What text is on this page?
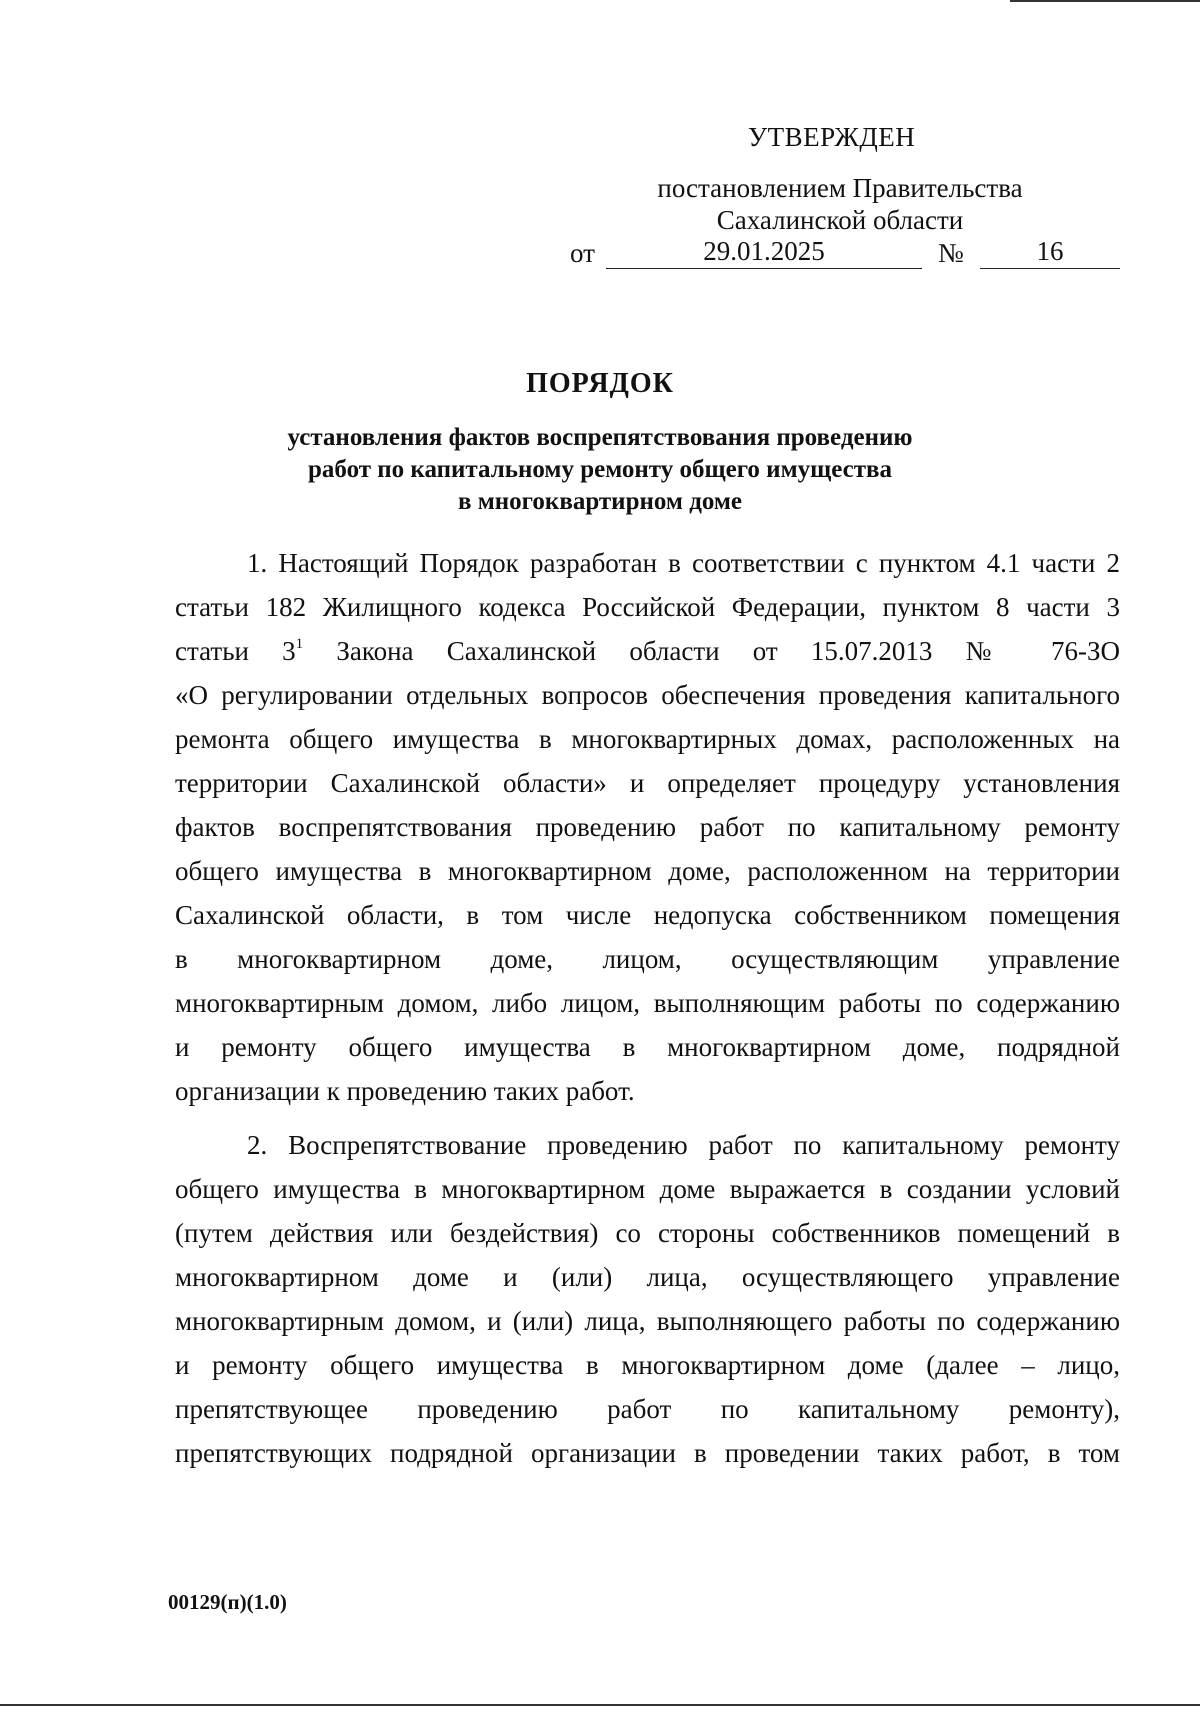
УТВЕРЖДЕН
постановлением Правительства
Сахалинской области
от	29.01.2025	№	16
ПОРЯДОК
установления фактов воспрепятствования проведению
работ по капитальному ремонту общего имущества
в многоквартирном доме
1. Настоящий Порядок разработан в соответствии с пунктом 4.1 части 2
статьи 182 Жилищного кодекса Российской Федерации, пунктом 8 части 3
статьи $3^1$ Закона Сахалинской области от 15.07.2013 № 76-ЗО
«О регулировании отдельных вопросов обеспечения проведения капитального
ремонта общего имущества в многоквартирных домах, расположенных на
территории Сахалинской области» и определяет процедуру установления
фактов воспрепятствования проведению работ по капитальному ремонту
общего имущества в многоквартирном доме, расположенном на территории
Сахалинской области, в том числе недопуска собственником помещения
в многоквартирном доме, лицом, осуществляющим управление
многоквартирным домом, либо лицом, выполняющим работы по содержанию
и ремонту общего имущества в многоквартирном доме, подрядной
организации к проведению таких работ.
2. Воспрепятствование проведению работ по капитальному ремонту
общего имущества в многоквартирном доме выражается в создании условий
(путем действия или бездействия) со стороны собственников помещений в
многоквартирном доме и (или) лица, осуществляющего управление
многоквартирным домом, и (или) лица, выполняющего работы по содержанию
и ремонту общего имущества в многоквартирном доме (далее – лицо,
препятствующее проведению работ по капитальному ремонту),
препятствующих подрядной организации в проведении таких работ, в том
00129(п)(1.0)
